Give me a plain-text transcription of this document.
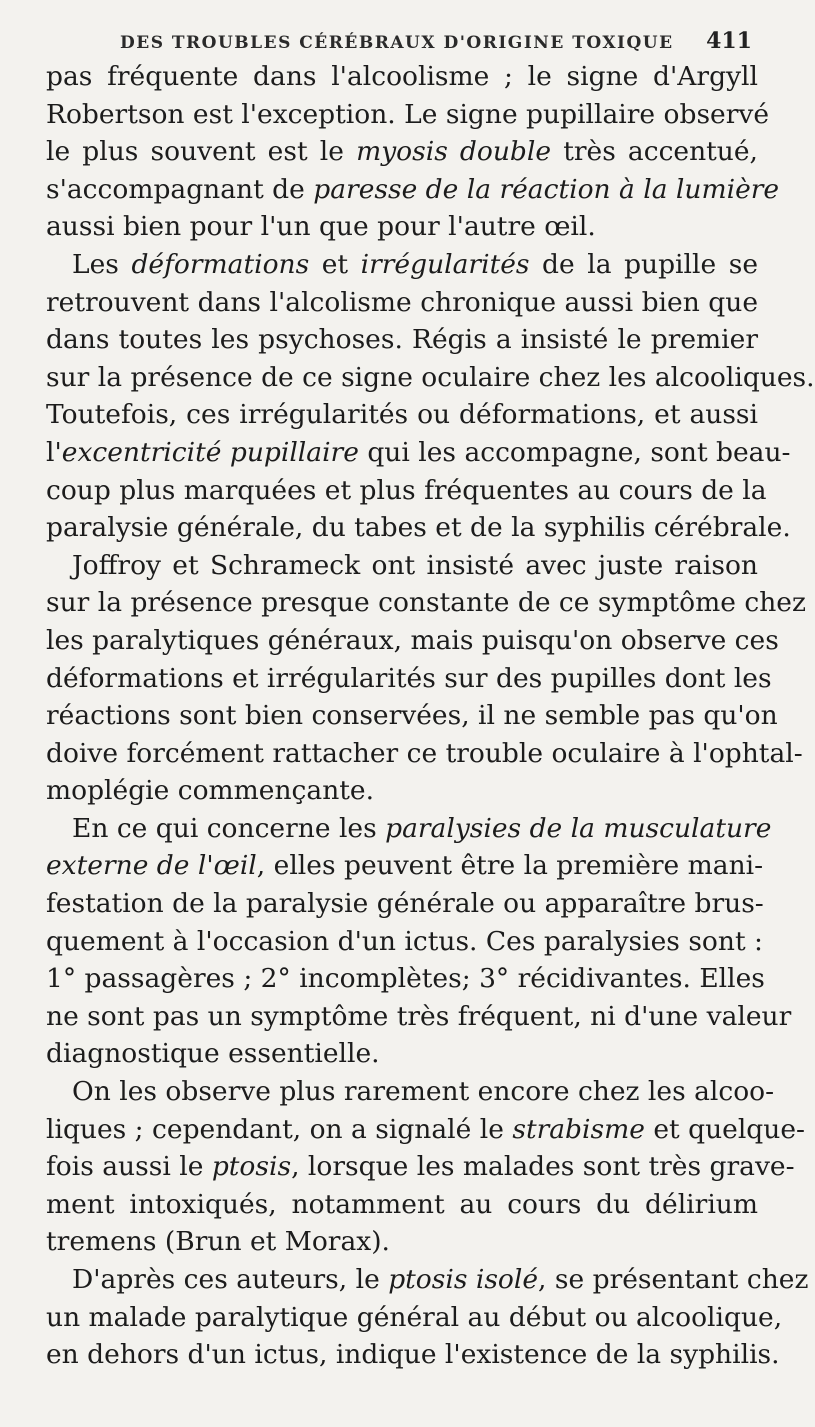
DES TROUBLES CÉRÉBRAUX D'ORIGINE TOXIQUE 411
pas fréquente dans l'alcoolisme ; le signe d'Argyll
Robertson est l'exception. Le signe pupillaire observé
le plus souvent est le myosis double très accentué,
s'accompagnant de paresse de la réaction à la lumière
aussi bien pour l'un que pour l'autre œil.
Les déformations et irrégularités de la pupille se
retrouvent dans l'alcolisme chronique aussi bien que
dans toutes les psychoses. Régis a insisté le premier
sur la présence de ce signe oculaire chez les alcooliques.
Toutefois, ces irrégularités ou déformations, et aussi
l'excentricité pupillaire qui les accompagne, sont beau-
coup plus marquées et plus fréquentes au cours de la
paralysie générale, du tabes et de la syphilis cérébrale.
Joffroy et Schrameck ont insisté avec juste raison
sur la présence presque constante de ce symptôme chez
les paralytiques généraux, mais puisqu'on observe ces
déformations et irrégularités sur des pupilles dont les
réactions sont bien conservées, il ne semble pas qu'on
doive forcément rattacher ce trouble oculaire à l'ophtal-
moplégie commençante.
En ce qui concerne les paralysies de la musculature
externe de l'œil, elles peuvent être la première mani-
festation de la paralysie générale ou apparaître brus-
quement à l'occasion d'un ictus. Ces paralysies sont :
1° passagères ; 2° incomplètes; 3° récidivantes. Elles
ne sont pas un symptôme très fréquent, ni d'une valeur
diagnostique essentielle.
On les observe plus rarement encore chez les alcoo-
liques ; cependant, on a signalé le strabisme et quelque-
fois aussi le ptosis, lorsque les malades sont très grave-
ment intoxiqués, notamment au cours du délirium
tremens (Brun et Morax).
D'après ces auteurs, le ptosis isolé, se présentant chez
un malade paralytique général au début ou alcoolique,
en dehors d'un ictus, indique l'existence de la syphilis.
